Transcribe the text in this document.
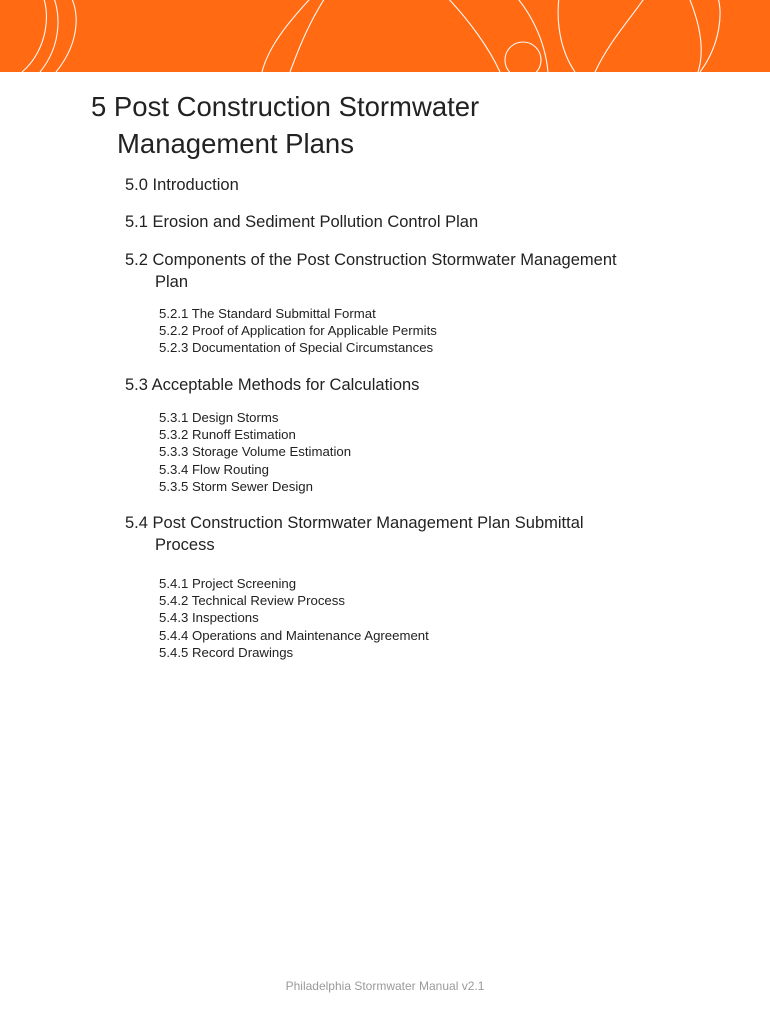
5 Post Construction Stormwater
Management Plans
5.0 Introduction
5.1 Erosion and Sediment Pollution Control Plan
5.2 Components of the Post Construction Stormwater Management
Plan
5.2.1 The Standard Submittal Format
5.2.2 Proof of Application for Applicable Permits
5.2.3 Documentation of Special Circumstances
5.3 Acceptable Methods for Calculations
5.3.1 Design Storms
5.3.2 Runoff Estimation
5.3.3 Storage Volume Estimation
5.3.4 Flow Routing
5.3.5 Storm Sewer Design
5.4 Post Construction Stormwater Management Plan Submittal
Process
5.4.1 Project Screening
5.4.2 Technical Review Process
5.4.3 Inspections
5.4.4 Operations and Maintenance Agreement
5.4.5 Record Drawings
Philadelphia Stormwater Manual v2.1
